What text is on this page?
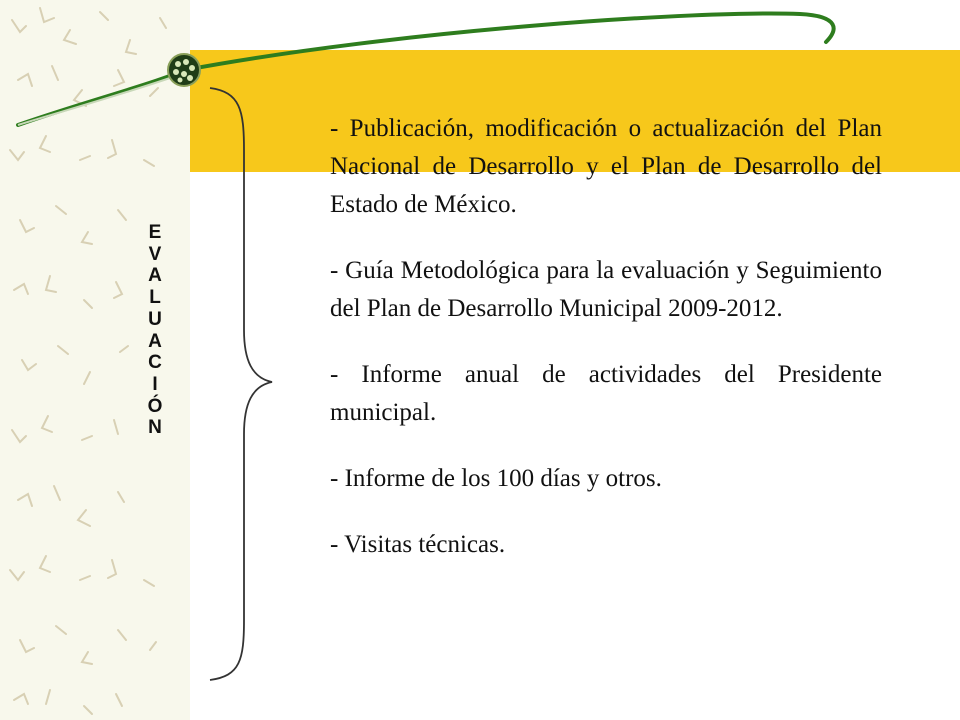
E
V
A
L
U
A
C
I
Ó
N

- Publicación, modificación o actualización del Plan Nacional de Desarrollo y el Plan de Desarrollo del Estado de México.

- Guía Metodológica para la evaluación y Seguimiento del Plan de Desarrollo Municipal 2009-2012.

- Informe anual de actividades del Presidente municipal.

- Informe de los 100 días y otros.

- Visitas técnicas.
